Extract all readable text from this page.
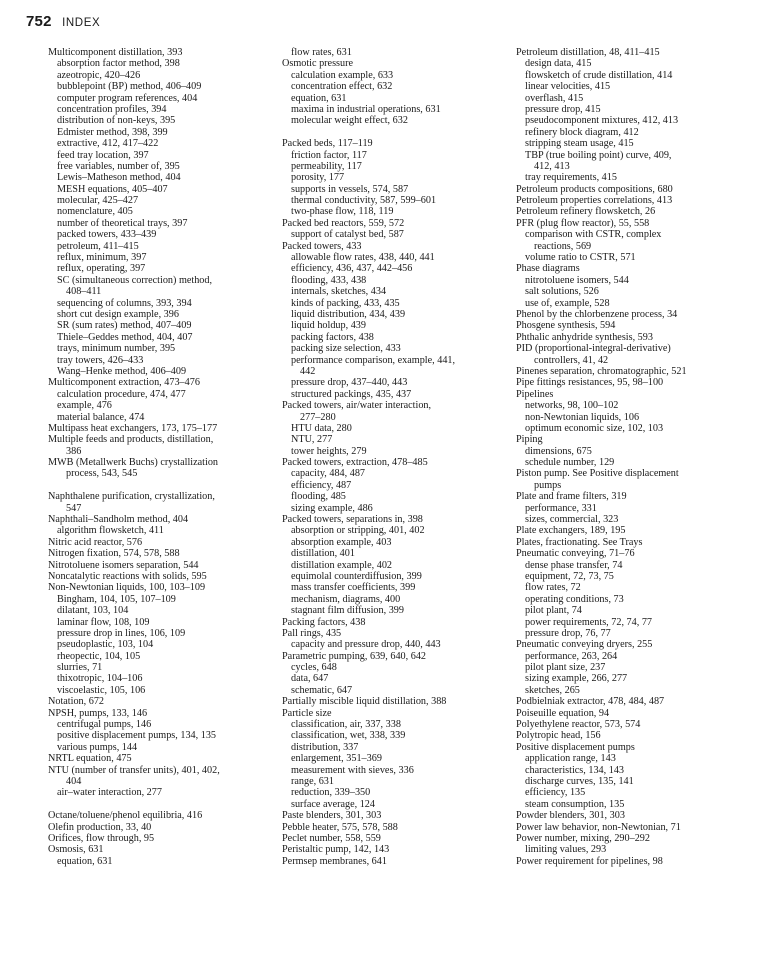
752 INDEX
Multicomponent distillation, 393
absorption factor method, 398
azeotropic, 420–426
bubblepoint (BP) method, 406–409
computer program references, 404
concentration profiles, 394
distribution of non-keys, 395
Edmister method, 398, 399
extractive, 412, 417–422
feed tray location, 397
free variables, number of, 395
Lewis–Matheson method, 404
MESH equations, 405–407
molecular, 425–427
nomenclature, 405
number of theoretical trays, 397
packed towers, 433–439
petroleum, 411–415
reflux, minimum, 397
reflux, operating, 397
SC (simultaneous correction) method,
408–411
sequencing of columns, 393, 394
short cut design example, 396
SR (sum rates) method, 407–409
Thiele–Geddes method, 404, 407
trays, minimum number, 395
tray towers, 426–433
Wang–Henke method, 406–409
Multicomponent extraction, 473–476
calculation procedure, 474, 477
example, 476
material balance, 474
Multipass heat exchangers, 173, 175–177
Multiple feeds and products, distillation,
386
MWB (Metallwerk Buchs) crystallization
process, 543, 545
Naphthalene purification, crystallization,
547
Naphthali–Sandholm method, 404
algorithm flowsketch, 411
Nitric acid reactor, 576
Nitrogen fixation, 574, 578, 588
Nitrotoluene isomers separation, 544
Noncatalytic reactions with solids, 595
Non-Newtonian liquids, 100, 103–109
Bingham, 104, 105, 107–109
dilatant, 103, 104
laminar flow, 108, 109
pressure drop in lines, 106, 109
pseudoplastic, 103, 104
rheopectic, 104, 105
slurries, 71
thixotropic, 104–106
viscoelastic, 105, 106
Notation, 672
NPSH, pumps, 133, 146
centrifugal pumps, 146
positive displacement pumps, 134, 135
various pumps, 144
NRTL equation, 475
NTU (number of transfer units), 401, 402,
404
air–water interaction, 277
Octane/toluene/phenol equilibria, 416
Olefin production, 33, 40
Orifices, flow through, 95
Osmosis, 631
equation, 631
flow rates, 631
Osmotic pressure
calculation example, 633
concentration effect, 632
equation, 631
maxima in industrial operations, 631
molecular weight effect, 632
Packed beds, 117–119
friction factor, 117
permeability, 117
porosity, 177
supports in vessels, 574, 587
thermal conductivity, 587, 599–601
two-phase flow, 118, 119
Packed bed reactors, 559, 572
support of catalyst bed, 587
Packed towers, 433
allowable flow rates, 438, 440, 441
efficiency, 436, 437, 442–456
flooding, 433, 438
internals, sketches, 434
kinds of packing, 433, 435
liquid distribution, 434, 439
liquid holdup, 439
packing factors, 438
packing size selection, 433
performance comparison, example, 441,
442
pressure drop, 437–440, 443
structured packings, 435, 437
Packed towers, air/water interaction,
277–280
HTU data, 280
NTU, 277
tower heights, 279
Packed towers, extraction, 478–485
capacity, 484, 487
efficiency, 487
flooding, 485
sizing example, 486
Packed towers, separations in, 398
absorption or stripping, 401, 402
absorption example, 403
distillation, 401
distillation example, 402
equimolal counterdiffusion, 399
mass transfer coefficients, 399
mechanism, diagrams, 400
stagnant film diffusion, 399
Packing factors, 438
Pall rings, 435
capacity and pressure drop, 440, 443
Parametric pumping, 639, 640, 642
cycles, 648
data, 647
schematic, 647
Partially miscible liquid distillation, 388
Particle size
classification, air, 337, 338
classification, wet, 338, 339
distribution, 337
enlargement, 351–369
measurement with sieves, 336
range, 631
reduction, 339–350
surface average, 124
Paste blenders, 301, 303
Pebble heater, 575, 578, 588
Peclet number, 558, 559
Peristaltic pump, 142, 143
Permsep membranes, 641
Petroleum distillation, 48, 411–415
design data, 415
flowsketch of crude distillation, 414
linear velocities, 415
overflash, 415
pressure drop, 415
pseudocomponent mixtures, 412, 413
refinery block diagram, 412
stripping steam usage, 415
TBP (true boiling point) curve, 409,
412, 413
tray requirements, 415
Petroleum products compositions, 680
Petroleum properties correlations, 413
Petroleum refinery flowsketch, 26
PFR (plug flow reactor), 55, 558
comparison with CSTR, complex
reactions, 569
volume ratio to CSTR, 571
Phase diagrams
nitrotoluene isomers, 544
salt solutions, 526
use of, example, 528
Phenol by the chlorbenzene process, 34
Phosgene synthesis, 594
Phthalic anhydride synthesis, 593
PID (proportional-integral-derivative)
controllers, 41, 42
Pinenes separation, chromatographic, 521
Pipe fittings resistances, 95, 98–100
Pipelines
networks, 98, 100–102
non-Newtonian liquids, 106
optimum economic size, 102, 103
Piping
dimensions, 675
schedule number, 129
Piston pump. See Positive displacement
pumps
Plate and frame filters, 319
performance, 331
sizes, commercial, 323
Plate exchangers, 189, 195
Plates, fractionating. See Trays
Pneumatic conveying, 71–76
dense phase transfer, 74
equipment, 72, 73, 75
flow rates, 72
operating conditions, 73
pilot plant, 74
power requirements, 72, 74, 77
pressure drop, 76, 77
Pneumatic conveying dryers, 255
performance, 263, 264
pilot plant size, 237
sizing example, 266, 277
sketches, 265
Podbielniak extractor, 478, 484, 487
Poiseuille equation, 94
Polyethylene reactor, 573, 574
Polytropic head, 156
Positive displacement pumps
application range, 143
characteristics, 134, 143
discharge curves, 135, 141
efficiency, 135
steam consumption, 135
Powder blenders, 301, 303
Power law behavior, non-Newtonian, 71
Power number, mixing, 290–292
limiting values, 293
Power requirement for pipelines, 98
